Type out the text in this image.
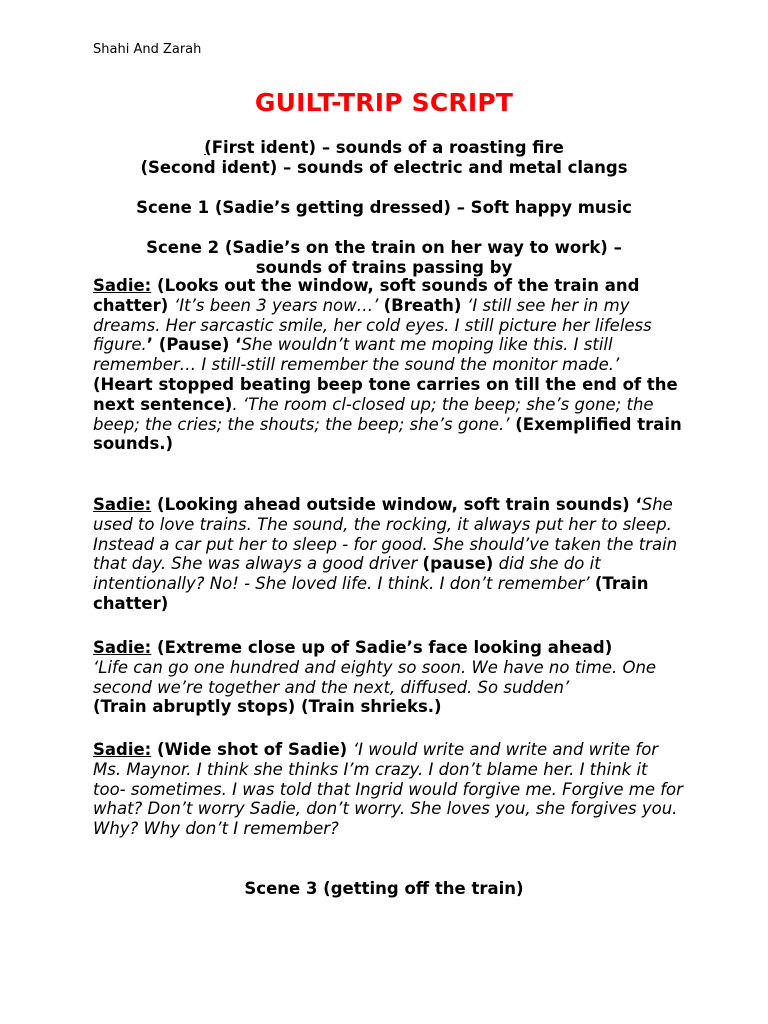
Shahi And Zarah
GUILT-TRIP SCRIPT
(First ident) – sounds of a roasting fire
(Second ident) – sounds of electric and metal clangs
Scene 1 (Sadie’s getting dressed) – Soft happy music
Scene 2 (Sadie’s on the train on her way to work) –
sounds of trains passing by
Sadie: (Looks out the window, soft sounds of the train and chatter) ‘It’s been 3 years now…’ (Breath) ‘I still see her in my dreams. Her sarcastic smile, her cold eyes. I still picture her lifeless figure.’ (Pause) ‘She wouldn’t want me moping like this. I still remember… I still-still remember the sound the monitor made.’ (Heart stopped beating beep tone carries on till the end of the next sentence). ‘The room cl-closed up; the beep; she’s gone; the beep; the cries; the shouts; the beep; she’s gone.’ (Exemplified train sounds.)
Sadie: (Looking ahead outside window, soft train sounds) ‘She used to love trains. The sound, the rocking, it always put her to sleep. Instead a car put her to sleep - for good. She should’ve taken the train that day. She was always a good driver (pause) did she do it intentionally? No! - She loved life. I think. I don’t remember’ (Train chatter)
Sadie: (Extreme close up of Sadie’s face looking ahead)
‘Life can go one hundred and eighty so soon. We have no time. One second we’re together and the next, diffused. So sudden’
(Train abruptly stops) (Train shrieks.)
Sadie: (Wide shot of Sadie) ‘I would write and write and write for Ms. Maynor. I think she thinks I’m crazy. I don’t blame her. I think it too- sometimes. I was told that Ingrid would forgive me. Forgive me for what? Don’t worry Sadie, don’t worry. She loves you, she forgives you. Why? Why don’t I remember?
Scene 3 (getting off the train)
